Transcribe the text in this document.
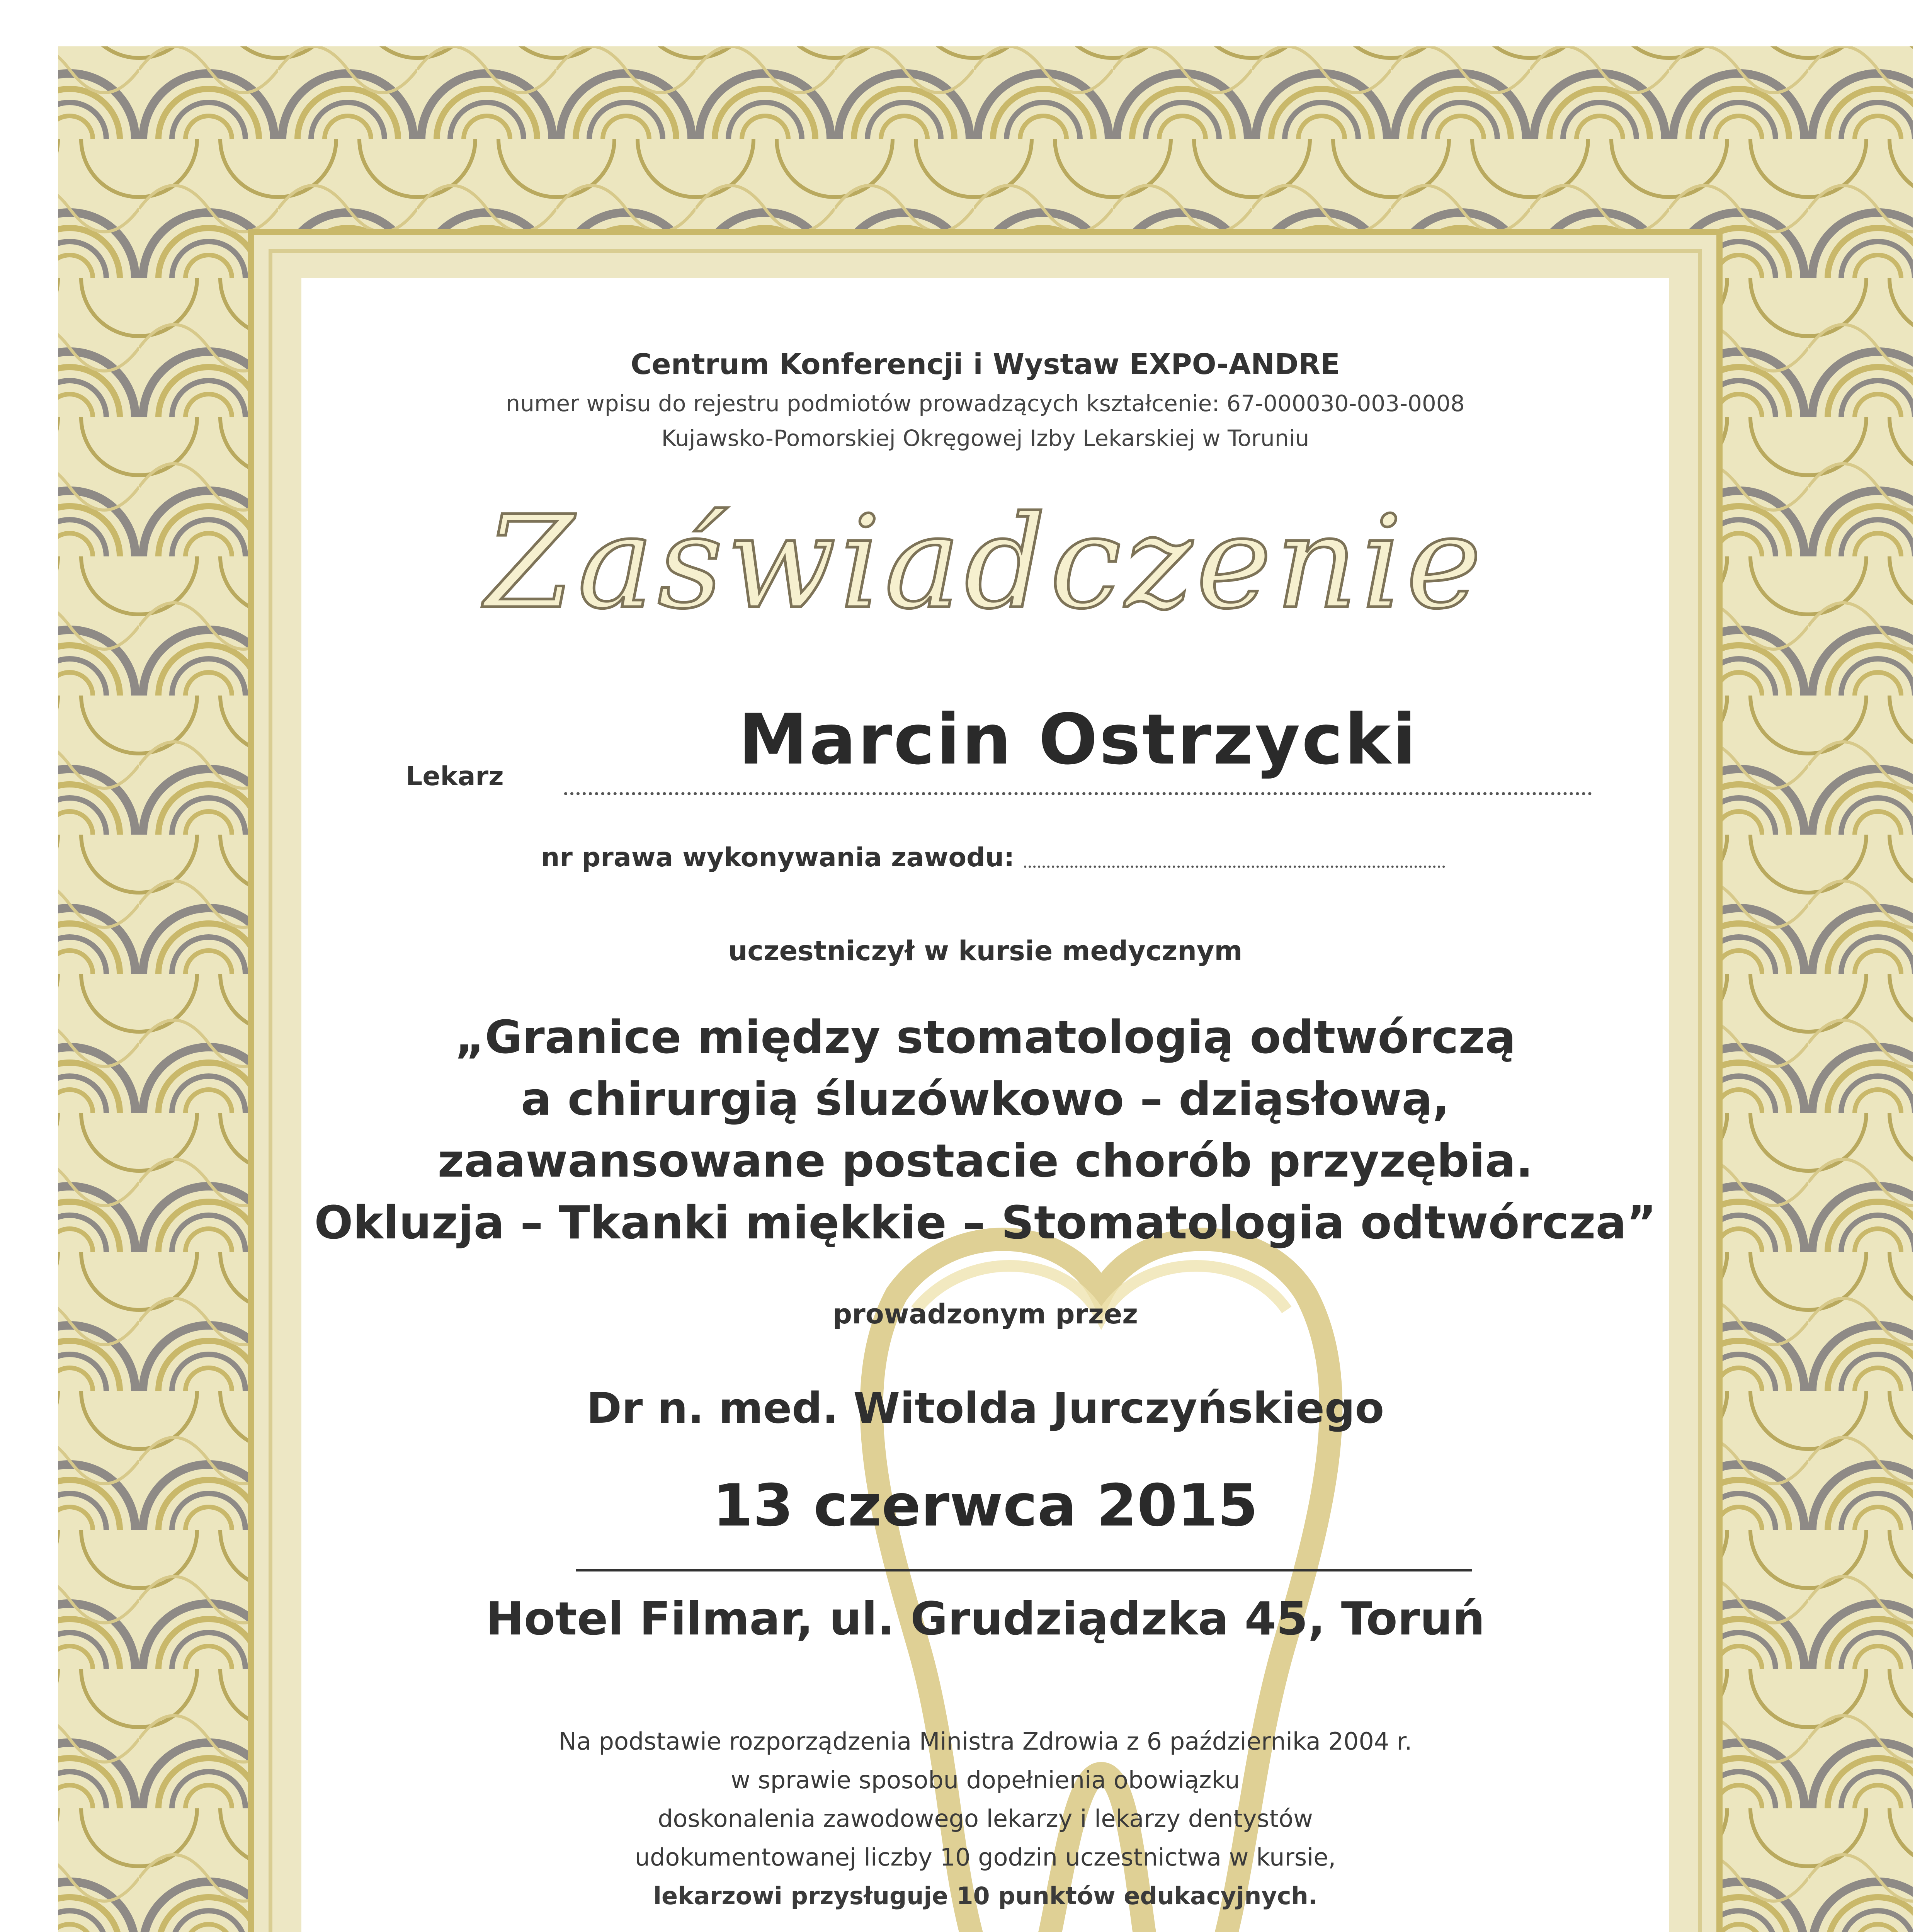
Centrum Konferencji i Wystaw EXPO-ANDRE
numer wpisu do rejestru podmiotów prowadzących kształcenie: 67-000030-003-0008
Kujawsko-Pomorskiej Okręgowej Izby Lekarskiej w Toruniu
Zaświadczenie
Lekarz	Marcin Ostrzycki
nr prawa wykonywania zawodu:
uczestniczył w kursie medycznym
„Granice między stomatologią odtwórczą
a chirurgią śluzówkowo – dziąsłową,
zaawansowane postacie chorób przyzębia.
Okluzja – Tkanki miękkie – Stomatologia odtwórcza”
prowadzonym przez
Dr n. med. Witolda Jurczyńskiego
13 czerwca 2015
Hotel Filmar, ul. Grudziądzka 45, Toruń
Na podstawie rozporządzenia Ministra Zdrowia z 6 października 2004 r.
w sprawie sposobu dopełnienia obowiązku
doskonalenia zawodowego lekarzy i lekarzy dentystów
udokumentowanej liczby 10 godzin uczestnictwa w kursie,
lekarzowi przysługuje 10 punktów edukacyjnych.
